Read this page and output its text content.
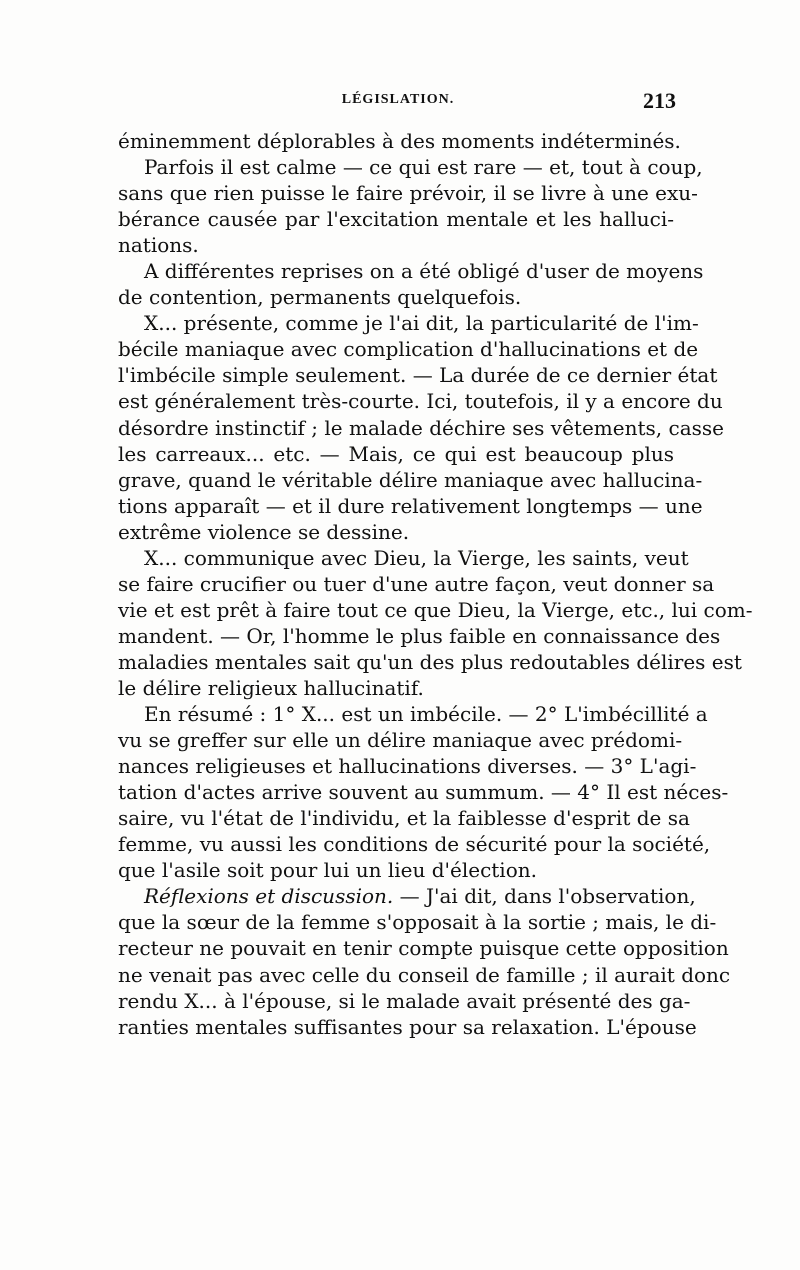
LÉGISLATION.	213
éminemment déplorables à des moments indéterminés.
Parfois il est calme — ce qui est rare — et, tout à coup,
sans que rien puisse le faire prévoir, il se livre à une exu-
bérance causée par l'excitation mentale et les halluci-
nations.
A différentes reprises on a été obligé d'user de moyens
de contention, permanents quelquefois.
X... présente, comme je l'ai dit, la particularité de l'im-
bécile maniaque avec complication d'hallucinations et de
l'imbécile simple seulement. — La durée de ce dernier état
est généralement très-courte. Ici, toutefois, il y a encore du
désordre instinctif ; le malade déchire ses vêtements, casse
les carreaux... etc. — Mais, ce qui est beaucoup plus
grave, quand le véritable délire maniaque avec hallucina-
tions apparaît — et il dure relativement longtemps — une
extrême violence se dessine.
X... communique avec Dieu, la Vierge, les saints, veut
se faire crucifier ou tuer d'une autre façon, veut donner sa
vie et est prêt à faire tout ce que Dieu, la Vierge, etc., lui com-
mandent. — Or, l'homme le plus faible en connaissance des
maladies mentales sait qu'un des plus redoutables délires est
le délire religieux hallucinatif.
En résumé : 1° X... est un imbécile. — 2° L'imbécillité a
vu se greffer sur elle un délire maniaque avec prédomi-
nances religieuses et hallucinations diverses. — 3° L'agi-
tation d'actes arrive souvent au summum. — 4° Il est néces-
saire, vu l'état de l'individu, et la faiblesse d'esprit de sa
femme, vu aussi les conditions de sécurité pour la société,
que l'asile soit pour lui un lieu d'élection.
Réflexions et discussion. — J'ai dit, dans l'observation,
que la sœur de la femme s'opposait à la sortie ; mais, le di-
recteur ne pouvait en tenir compte puisque cette opposition
ne venait pas avec celle du conseil de famille ; il aurait donc
rendu X... à l'épouse, si le malade avait présenté des ga-
ranties mentales suffisantes pour sa relaxation. L'épouse
